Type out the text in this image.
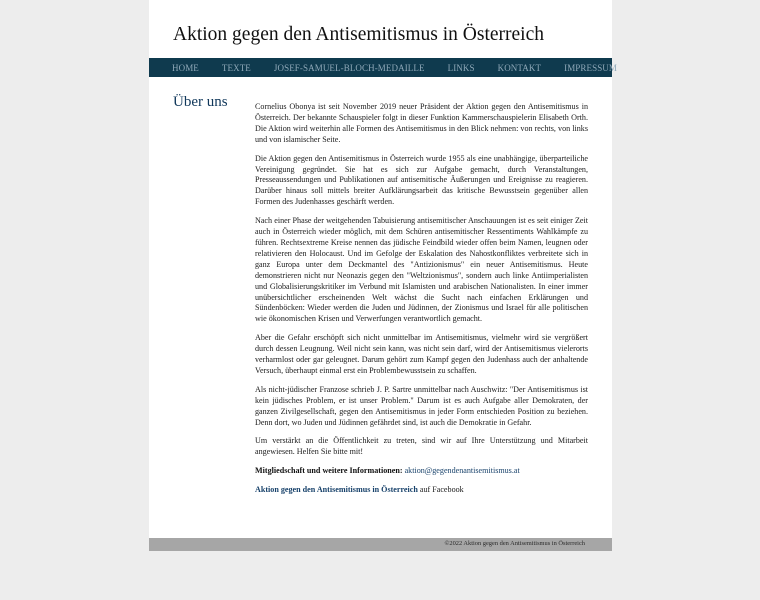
Aktion gegen den Antisemitismus in Österreich
HOME	TEXTE	JOSEF-SAMUEL-BLOCH-MEDAILLE	LINKS	KONTAKT	IMPRESSUM
Über uns	Cornelius Obonya ist seit November 2019 neuer Präsident der Aktion gegen den Antisemitismus in Österreich. Der bekannte Schauspieler folgt in dieser Funktion Kammerschauspielerin Elisabeth Orth. Die Aktion wird weiterhin alle Formen des Antisemitismus in den Blick nehmen: von rechts, von links und von islamischer Seite.

Die Aktion gegen den Antisemitismus in Österreich wurde 1955 als eine unabhängige, überparteiliche Vereinigung gegründet. Sie hat es sich zur Aufgabe gemacht, durch Veranstaltungen, Presseaussendungen und Publikationen auf antisemitische Äußerungen und Ereignisse zu reagieren. Darüber hinaus soll mittels breiter Aufklärungsarbeit das kritische Bewusstsein gegenüber allen Formen des Judenhasses geschärft werden.

Nach einer Phase der weitgehenden Tabuisierung antisemitischer Anschauungen ist es seit einiger Zeit auch in Österreich wieder möglich, mit dem Schüren antisemitischer Ressentiments Wahlkämpfe zu führen. Rechtsextreme Kreise nennen das jüdische Feindbild wieder offen beim Namen, leugnen oder relativieren den Holocaust. Und im Gefolge der Eskalation des Nahostkonfliktes verbreitete sich in ganz Europa unter dem Deckmantel des "Antizionismus" ein neuer Antisemitismus. Heute demonstrieren nicht nur Neonazis gegen den "Weltzionismus", sondern auch linke Antiimperialisten und Globalisierungskritiker im Verbund mit Islamisten und arabischen Nationalisten. In einer immer unübersichtlicher erscheinenden Welt wächst die Sucht nach einfachen Erklärungen und Sündenböcken: Wieder werden die Juden und Jüdinnen, der Zionismus und Israel für alle politischen wie ökonomischen Krisen und Verwerfungen verantwortlich gemacht.

Aber die Gefahr erschöpft sich nicht unmittelbar im Antisemitismus, vielmehr wird sie vergrößert durch dessen Leugnung. Weil nicht sein kann, was nicht sein darf, wird der Antisemitismus vielerorts verharmlost oder gar geleugnet. Darum gehört zum Kampf gegen den Judenhass auch der anhaltende Versuch, überhaupt einmal erst ein Problembewusstsein zu schaffen.

Als nicht-jüdischer Franzose schrieb J. P. Sartre unmittelbar nach Auschwitz: "Der Antisemitismus ist kein jüdisches Problem, er ist unser Problem." Darum ist es auch Aufgabe aller Demokraten, der ganzen Zivilgesellschaft, gegen den Antisemitismus in jeder Form entschieden Position zu beziehen. Denn dort, wo Juden und Jüdinnen gefährdet sind, ist auch die Demokratie in Gefahr.

Um verstärkt an die Öffentlichkeit zu treten, sind wir auf Ihre Unterstützung und Mitarbeit angewiesen. Helfen Sie bitte mit!

Mitgliedschaft und weitere Informationen: aktion@gegendenantisemitismus.at

Aktion gegen den Antisemitismus in Österreich auf Facebook

©2022 Aktion gegen den Antisemitismus in Österreich
